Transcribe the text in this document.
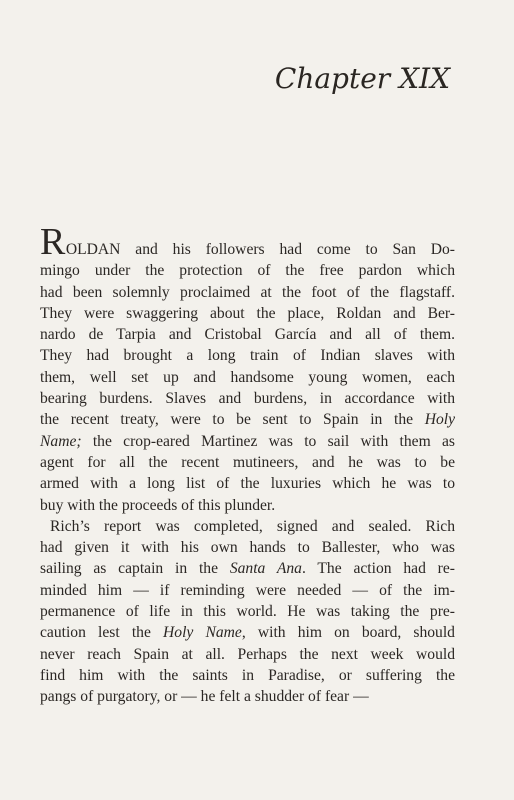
Chapter XIX
ROLDAN and his followers had come to San Do-
mingo under the protection of the free pardon which
had been solemnly proclaimed at the foot of the flagstaff.
They were swaggering about the place, Roldan and Ber-
nardo de Tarpia and Cristobal García and all of them.
They had brought a long train of Indian slaves with
them, well set up and handsome young women, each
bearing burdens. Slaves and burdens, in accordance with
the recent treaty, were to be sent to Spain in the Holy
Name; the crop-eared Martinez was to sail with them as
agent for all the recent mutineers, and he was to be
armed with a long list of the luxuries which he was to
buy with the proceeds of this plunder.
Rich’s report was completed, signed and sealed. Rich
had given it with his own hands to Ballester, who was
sailing as captain in the Santa Ana. The action had re-
minded him — if reminding were needed — of the im-
permanence of life in this world. He was taking the pre-
caution lest the Holy Name, with him on board, should
never reach Spain at all. Perhaps the next week would
find him with the saints in Paradise, or suffering the
pangs of purgatory, or — he felt a shudder of fear —
